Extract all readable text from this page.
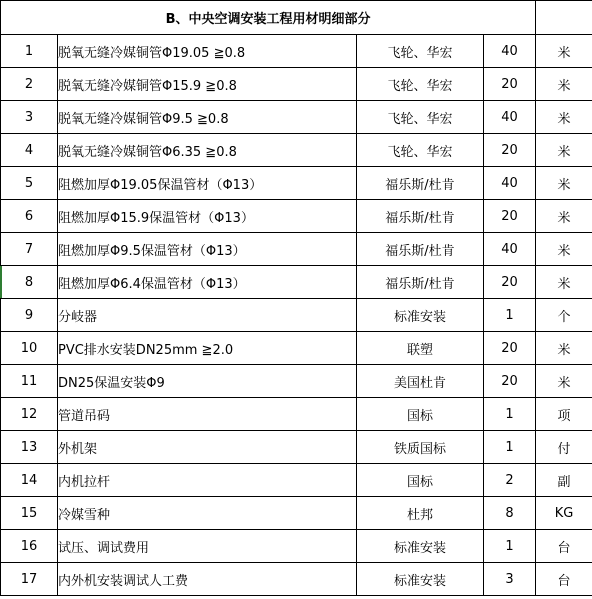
B、中央空调安装工程用材明细部分				
1	脱氧无缝冷媒铜管Φ19.05 ≧0.8	飞轮、华宏	40	米
2	脱氧无缝冷媒铜管Φ15.9 ≧0.8	飞轮、华宏	20	米
3	脱氧无缝冷媒铜管Φ9.5 ≧0.8	飞轮、华宏	40	米
4	脱氧无缝冷媒铜管Φ6.35 ≧0.8	飞轮、华宏	20	米
5	阻燃加厚Φ19.05保温管材（Φ13）	福乐斯/杜肯	40	米
6	阻燃加厚Φ15.9保温管材（Φ13）	福乐斯/杜肯	20	米
7	阻燃加厚Φ9.5保温管材（Φ13）	福乐斯/杜肯	40	米
8	阻燃加厚Φ6.4保温管材（Φ13）	福乐斯/杜肯	20	米
9	分岐器	标准安装	1	个
10	PVC排水安装DN25mm ≧2.0	联塑	20	米
11	DN25保温安装Φ9	美国杜肯	20	米
12	管道吊码	国标	1	项
13	外机架	铁质国标	1	付
14	内机拉杆	国标	2	副
15	冷媒雪种	杜邦	8	KG
16	试压、调试费用	标准安装	1	台
17	内外机安装调试人工费	标准安装	3	台
